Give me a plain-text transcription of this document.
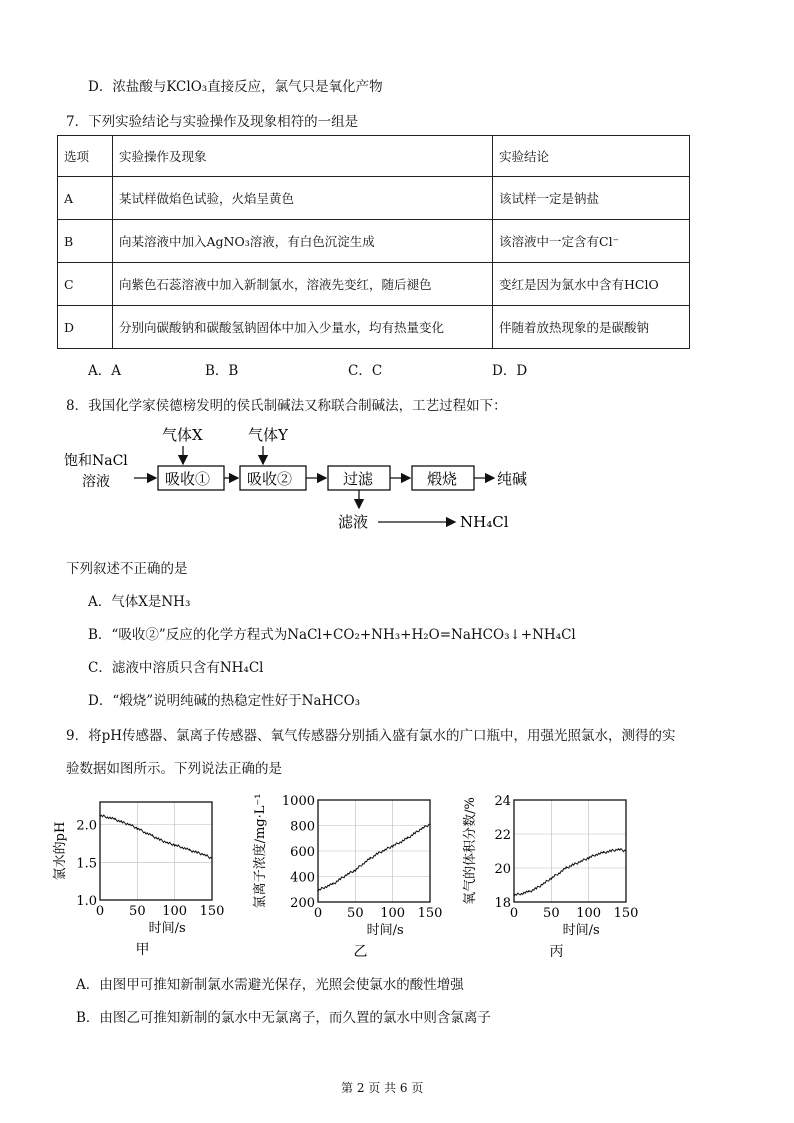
D．浓盐酸与KClO₃直接反应，氯气只是氧化产物
7．下列实验结论与实验操作及现象相符的一组是
选项	实验操作及现象	实验结论
A	某试样做焰色试验，火焰呈黄色	该试样一定是钠盐
B	向某溶液中加入AgNO₃溶液，有白色沉淀生成	该溶液中一定含有Cl⁻
C	向紫色石蕊溶液中加入新制氯水，溶液先变红，随后褪色	变红是因为氯水中含有HClO
D	分别向碳酸钠和碳酸氢钠固体中加入少量水，均有热量变化	伴随着放热现象的是碳酸钠
A．A	B．B	C．C	D．D
8．我国化学家侯德榜发明的侯氏制碱法又称联合制碱法，工艺过程如下：
饱和NaCl
溶液
气体X	气体Y
吸收① 吸收②	过滤	煅烧	纯碱
滤液	NH₄Cl
下列叙述不正确的是
A．气体X是NH₃
B．“吸收②”反应的化学方程式为NaCl+CO₂+NH₃+H₂O=NaHCO₃↓+NH₄Cl
C．滤液中溶质只含有NH₄Cl
D．“煅烧”说明纯碱的热稳定性好于NaHCO₃
9．将pH传感器、氯离子传感器、氧气传感器分别插入盛有氯水的广口瓶中，用强光照氯水，测得的实
验数据如图所示。下列说法正确的是
0 50 100 150
1.0
1.5
2.0
时间/s
氯水的pH
甲
0 50 100 150
200
400
600
800
1000
时间/s
氯离子浓度/mg·L⁻¹
乙
0 50 100 150
18
20
22
24
时间/s
氧气的体积分数/%
丙
A．由图甲可推知新制氯水需避光保存，光照会使氯水的酸性增强
B．由图乙可推知新制的氯水中无氯离子，而久置的氯水中则含氯离子
第 2 页 共 6 页
